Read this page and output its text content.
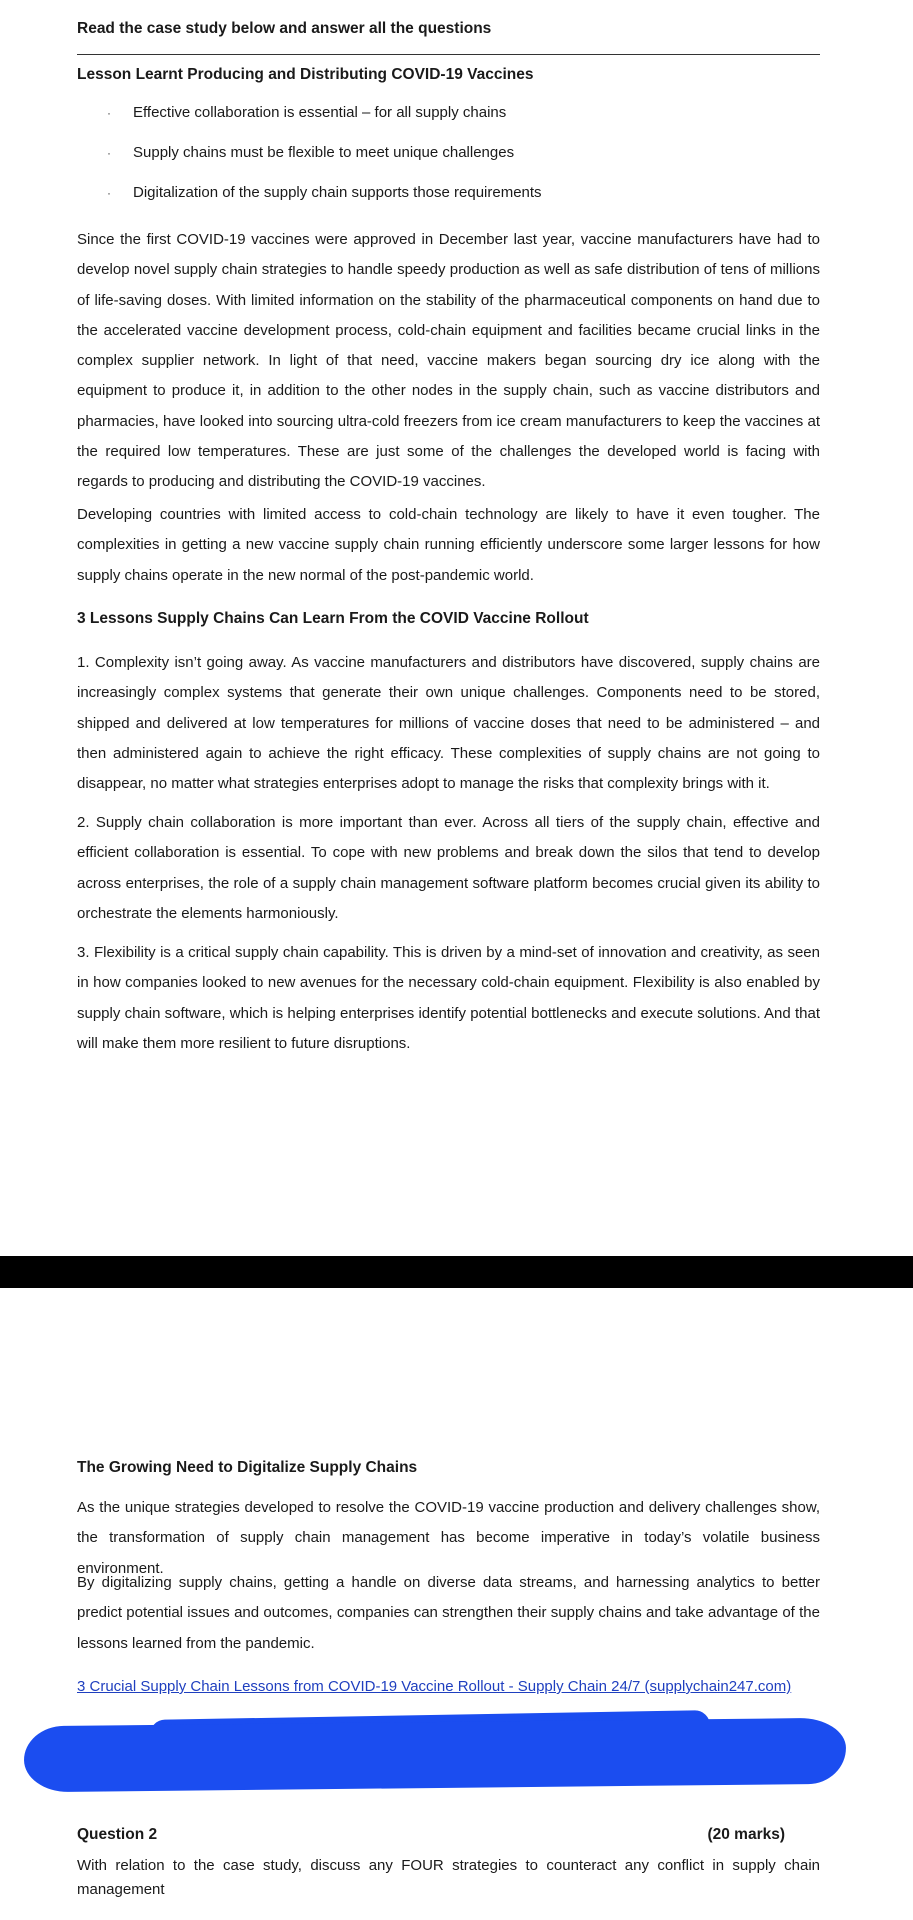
Read the case study below and answer all the questions
Lesson Learnt Producing and Distributing COVID-19 Vaccines
· Effective collaboration is essential – for all supply chains
· Supply chains must be flexible to meet unique challenges
· Digitalization of the supply chain supports those requirements

Since the first COVID-19 vaccines were approved in December last year, vaccine manufacturers have had to develop novel supply chain strategies to handle speedy production as well as safe distribution of tens of millions of life-saving doses. With limited information on the stability of the pharmaceutical components on hand due to the accelerated vaccine development process, cold-chain equipment and facilities became crucial links in the complex supplier network. In light of that need, vaccine makers began sourcing dry ice along with the equipment to produce it, in addition to the other nodes in the supply chain, such as vaccine distributors and pharmacies, have looked into sourcing ultra-cold freezers from ice cream manufacturers to keep the vaccines at the required low temperatures. These are just some of the challenges the developed world is facing with regards to producing and distributing the COVID-19 vaccines.

Developing countries with limited access to cold-chain technology are likely to have it even tougher. The complexities in getting a new vaccine supply chain running efficiently underscore some larger lessons for how supply chains operate in the new normal of the post-pandemic world.

3 Lessons Supply Chains Can Learn From the COVID Vaccine Rollout

1. Complexity isn’t going away. As vaccine manufacturers and distributors have discovered, supply chains are increasingly complex systems that generate their own unique challenges. Components need to be stored, shipped and delivered at low temperatures for millions of vaccine doses that need to be administered – and then administered again to achieve the right efficacy. These complexities of supply chains are not going to disappear, no matter what strategies enterprises adopt to manage the risks that complexity brings with it.

2. Supply chain collaboration is more important than ever. Across all tiers of the supply chain, effective and efficient collaboration is essential. To cope with new problems and break down the silos that tend to develop across enterprises, the role of a supply chain management software platform becomes crucial given its ability to orchestrate the elements harmoniously.

3. Flexibility is a critical supply chain capability. This is driven by a mind-set of innovation and creativity, as seen in how companies looked to new avenues for the necessary cold-chain equipment. Flexibility is also enabled by supply chain software, which is helping enterprises identify potential bottlenecks and execute solutions. And that will make them more resilient to future disruptions.

The Growing Need to Digitalize Supply Chains

As the unique strategies developed to resolve the COVID-19 vaccine production and delivery challenges show, the transformation of supply chain management has become imperative in today’s volatile business environment.

By digitalizing supply chains, getting a handle on diverse data streams, and harnessing analytics to better predict potential issues and outcomes, companies can strengthen their supply chains and take advantage of the lessons learned from the pandemic.

3 Crucial Supply Chain Lessons from COVID-19 Vaccine Rollout - Supply Chain 24/7 (supplychain247.com)
Question 2	(20 marks)

With relation to the case study, discuss any FOUR strategies to counteract any conflict in supply chain management
